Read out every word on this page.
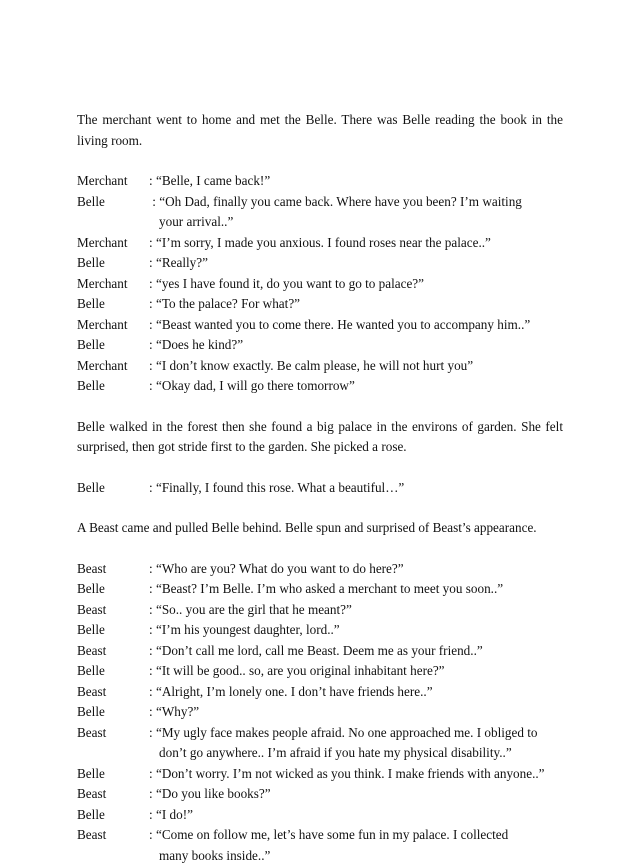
The merchant went to home and met the Belle. There was Belle reading the book in the living room.

Merchant	: “Belle, I came back!”
Belle	: “Oh Dad, finally you came back. Where have you been? I’m waiting your arrival..”
Merchant	: “I’m sorry, I made you anxious. I found roses near the palace..”
Belle	: “Really?”
Merchant	: “yes I have found it, do you want to go to palace?”
Belle	: “To the palace? For what?”
Merchant	: “Beast wanted you to come there. He wanted you to accompany him..”
Belle	: “Does he kind?”
Merchant	: “I don’t know exactly. Be calm please, he will not hurt you”
Belle	: “Okay dad, I will go there tomorrow”

Belle walked in the forest then she found a big palace in the environs of garden. She felt surprised, then got stride first to the garden. She picked a rose.

Belle	: “Finally, I found this rose. What a beautiful…”

A Beast came and pulled Belle behind. Belle spun and surprised of Beast’s appearance.

Beast	: “Who are you? What do you want to do here?”
Belle	: “Beast? I’m Belle. I’m who asked a merchant to meet you soon..”
Beast	: “So.. you are the girl that he meant?”
Belle	: “I’m his youngest daughter, lord..”
Beast	: “Don’t call me lord, call me Beast. Deem me as your friend..”
Belle	: “It will be good.. so, are you original inhabitant here?”
Beast	: “Alright, I’m lonely one. I don’t have friends here..”
Belle	: “Why?”
Beast	: “My ugly face makes people afraid. No one approached me. I obliged to don’t go anywhere.. I’m afraid if you hate my physical disability..”
Belle	: “Don’t worry. I’m not wicked as you think. I make friends with anyone..”
Beast	: “Do you like books?”
Belle	: “I do!”
Beast	: “Come on follow me, let’s have some fun in my palace. I collected many books inside..”
